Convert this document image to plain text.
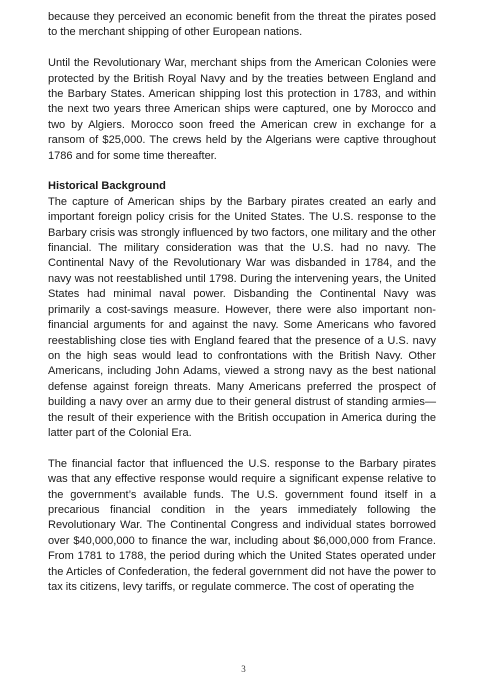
because they perceived an economic benefit from the threat the pirates posed to the merchant shipping of other European nations.

Until the Revolutionary War, merchant ships from the American Colonies were protected by the British Royal Navy and by the treaties between England and the Barbary States. American shipping lost this protection in 1783, and within the next two years three American ships were captured, one by Morocco and two by Algiers. Morocco soon freed the American crew in exchange for a ransom of $25,000. The crews held by the Algerians were captive throughout 1786 and for some time thereafter.

Historical Background

The capture of American ships by the Barbary pirates created an early and important foreign policy crisis for the United States. The U.S. response to the Barbary crisis was strongly influenced by two factors, one military and the other financial. The military consideration was that the U.S. had no navy. The Continental Navy of the Revolutionary War was disbanded in 1784, and the navy was not reestablished until 1798. During the intervening years, the United States had minimal naval power. Disbanding the Continental Navy was primarily a cost-savings measure. However, there were also important non-financial arguments for and against the navy. Some Americans who favored reestablishing close ties with England feared that the presence of a U.S. navy on the high seas would lead to confrontations with the British Navy. Other Americans, including John Adams, viewed a strong navy as the best national defense against foreign threats. Many Americans preferred the prospect of building a navy over an army due to their general distrust of standing armies—the result of their experience with the British occupation in America during the latter part of the Colonial Era.

The financial factor that influenced the U.S. response to the Barbary pirates was that any effective response would require a significant expense relative to the government’s available funds. The U.S. government found itself in a precarious financial condition in the years immediately following the Revolutionary War. The Continental Congress and individual states borrowed over $40,000,000 to finance the war, including about $6,000,000 from France. From 1781 to 1788, the period during which the United States operated under the Articles of Confederation, the federal government did not have the power to tax its citizens, levy tariffs, or regulate commerce. The cost of operating the

3
